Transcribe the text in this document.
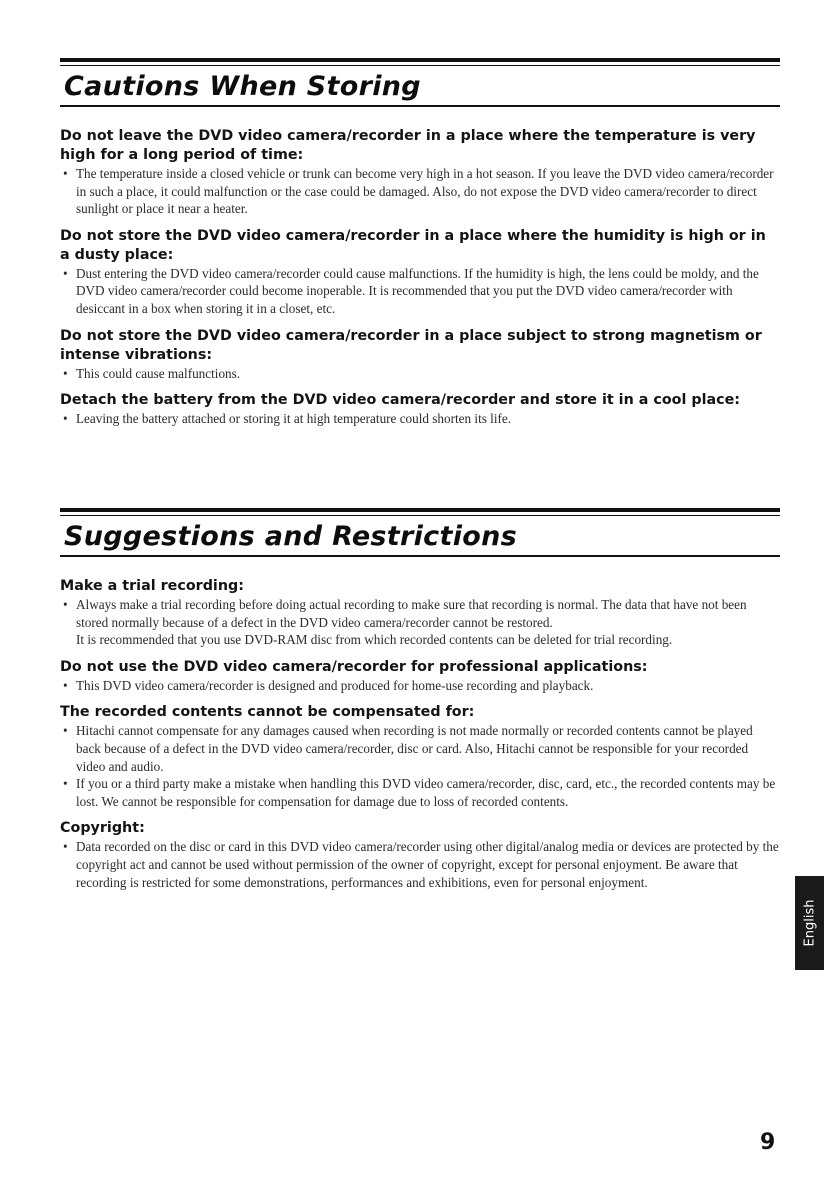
Cautions When Storing

Do not leave the DVD video camera/recorder in a place where the temperature is very high for a long period of time:

• The temperature inside a closed vehicle or trunk can become very high in a hot season. If you leave the DVD video camera/recorder in such a place, it could malfunction or the case could be damaged. Also, do not expose the DVD video camera/recorder to direct sunlight or place it near a heater.

Do not store the DVD video camera/recorder in a place where the humidity is high or in a dusty place:

• Dust entering the DVD video camera/recorder could cause malfunctions. If the humidity is high, the lens could be moldy, and the DVD video camera/recorder could become inoperable. It is recommended that you put the DVD video camera/recorder with desiccant in a box when storing it in a closet, etc.

Do not store the DVD video camera/recorder in a place subject to strong magnetism or intense vibrations:

• This could cause malfunctions.

Detach the battery from the DVD video camera/recorder and store it in a cool place:

• Leaving the battery attached or storing it at high temperature could shorten its life.

Suggestions and Restrictions

Make a trial recording:

• Always make a trial recording before doing actual recording to make sure that recording is normal. The data that have not been stored normally because of a defect in the DVD video camera/recorder cannot be restored.

It is recommended that you use DVD-RAM disc from which recorded contents can be deleted for trial recording.

Do not use the DVD video camera/recorder for professional applications:

• This DVD video camera/recorder is designed and produced for home-use recording and playback.

The recorded contents cannot be compensated for:

• Hitachi cannot compensate for any damages caused when recording is not made normally or recorded contents cannot be played back because of a defect in the DVD video camera/recorder, disc or card. Also, Hitachi cannot be responsible for your recorded video and audio.

• If you or a third party make a mistake when handling this DVD video camera/recorder, disc, card, etc., the recorded contents may be lost. We cannot be responsible for compensation for damage due to loss of recorded contents.

Copyright:

• Data recorded on the disc or card in this DVD video camera/recorder using other digital/analog media or devices are protected by the copyright act and cannot be used without permission of the owner of copyright, except for personal enjoyment. Be aware that recording is restricted for some demonstrations, performances and exhibitions, even for personal enjoyment.

English
9
